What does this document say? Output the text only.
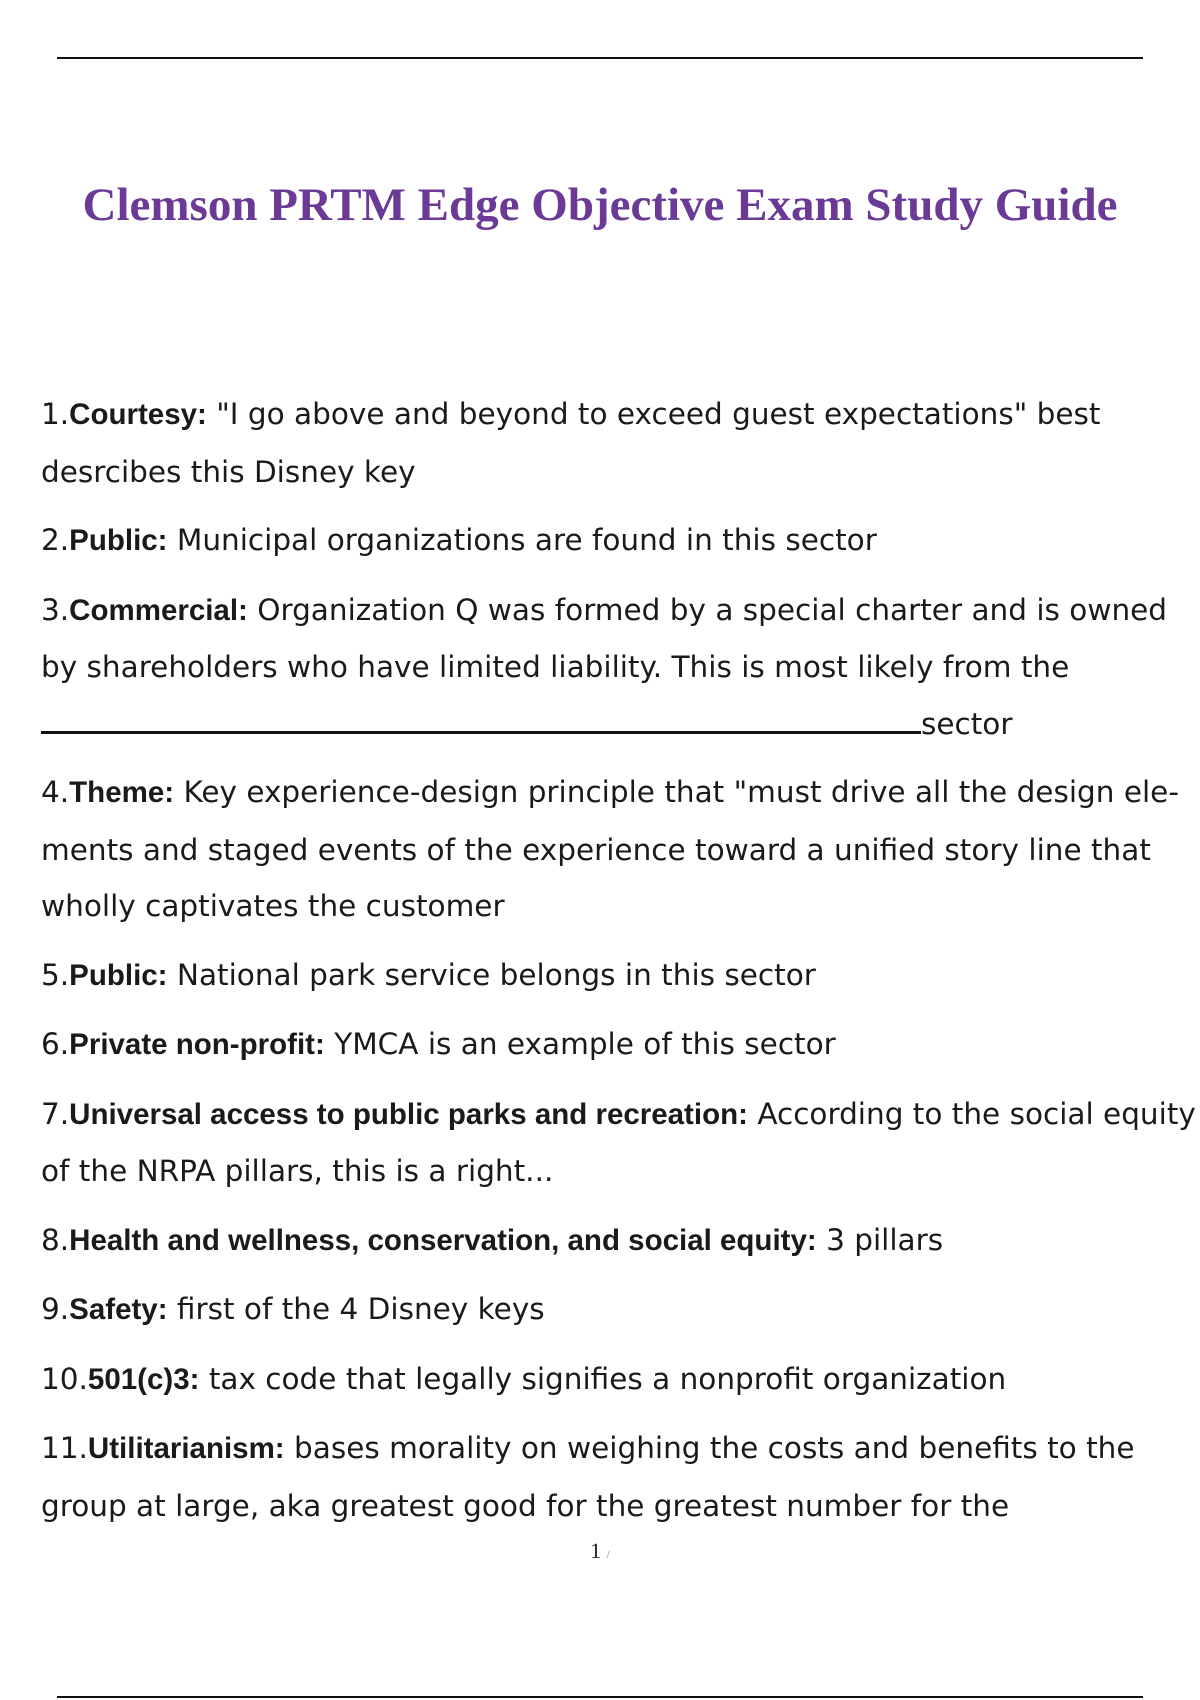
Clemson PRTM Edge Objective Exam Study Guide
1.Courtesy: "I go above and beyond to exceed guest expectations" best desrcibes this Disney key
2.Public: Municipal organizations are found in this sector
3.Commercial: Organization Q was formed by a special charter and is owned by shareholders who have limited liability. This is most likely from thesector
4.Theme: Key experience-design principle that "must drive all the design ele- ments and staged events of the experience toward a unified story line that wholly captivates the customer
5.Public: National park service belongs in this sector
6.Private non-profit: YMCA is an example of this sector
7.Universal access to public parks and recreation: According to the social equity of the NRPA pillars, this is a right...
8.Health and wellness, conservation, and social equity: 3 pillars
9.Safety: first of the 4 Disney keys
10.501(c)3: tax code that legally signifies a nonprofit organization
11.Utilitarianism: bases morality on weighing the costs and benefits to the group at large, aka greatest good for the greatest number for the
1 /
